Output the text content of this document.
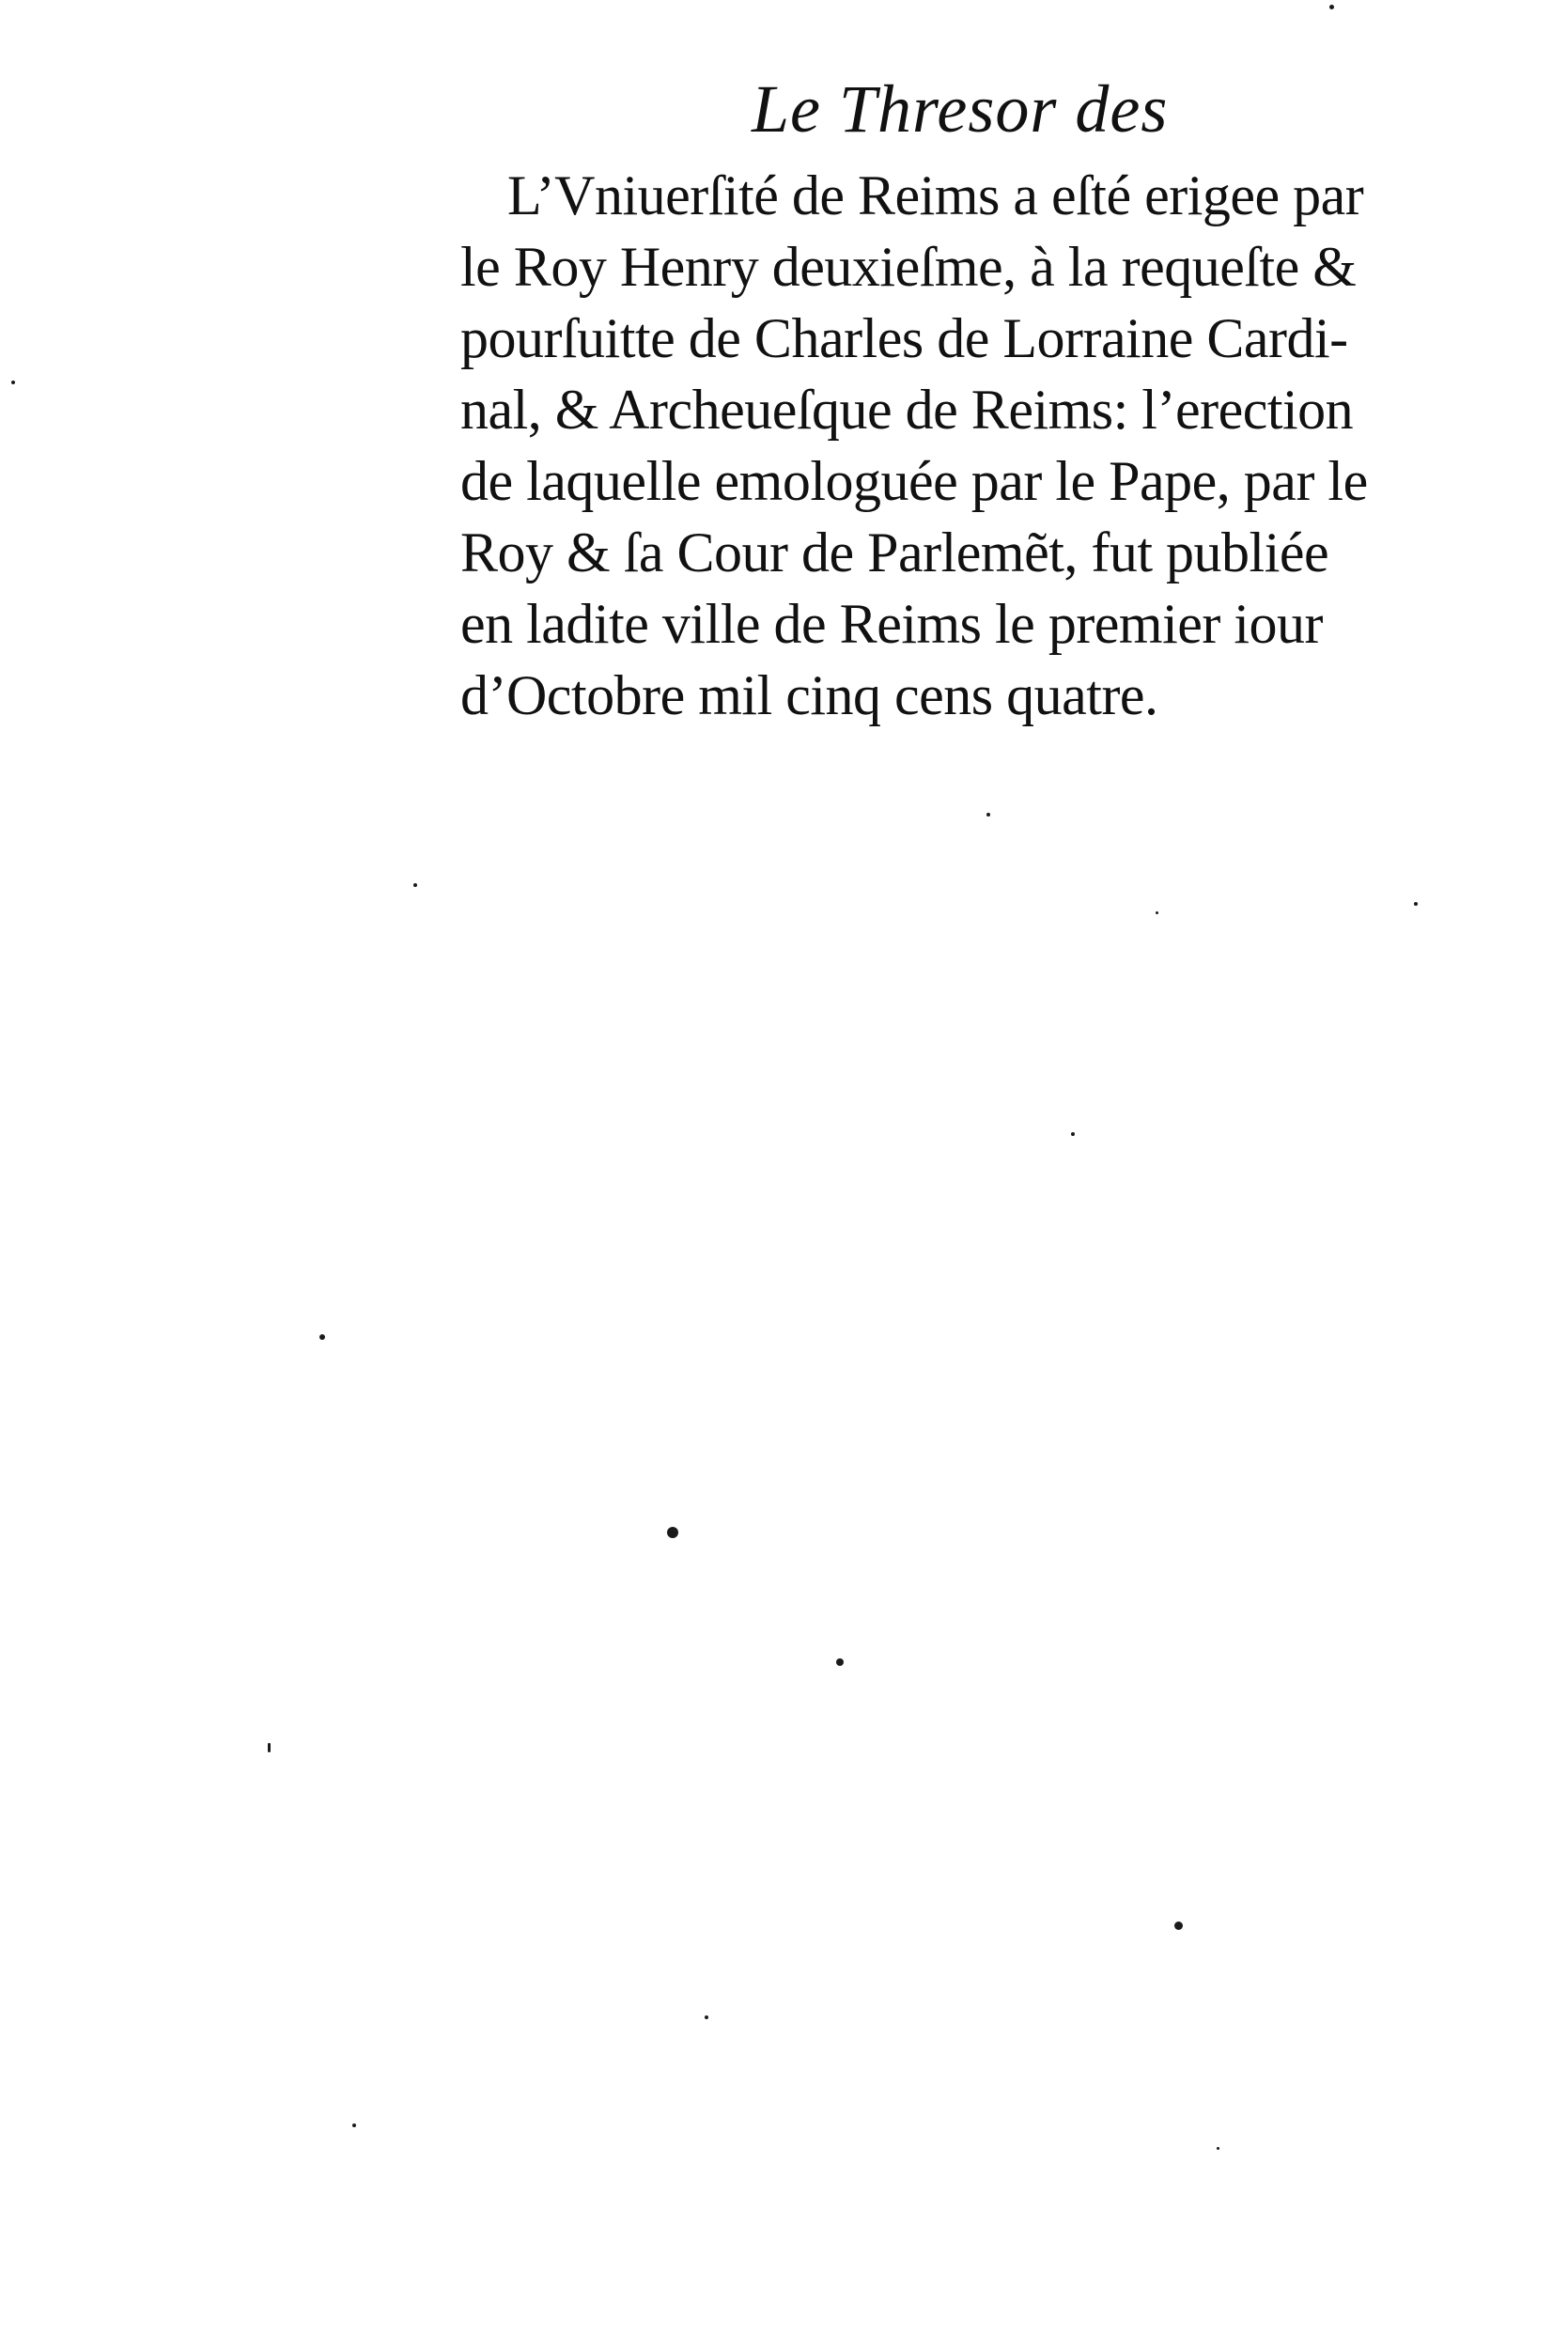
Le Thresor des
L’Vniuerſité de Reims a eſté erigee par
le Roy Henry deuxieſme, à la requeſte &
pourſuitte de Charles de Lorraine Cardi-
nal, & Archeueſque de Reims: l’erection
de laquelle emologuée par le Pape, par le
Roy & ſa Cour de Parlemẽt, fut publiée
en ladite ville de Reims le premier iour
d’Octobre mil cinq cens quatre.
